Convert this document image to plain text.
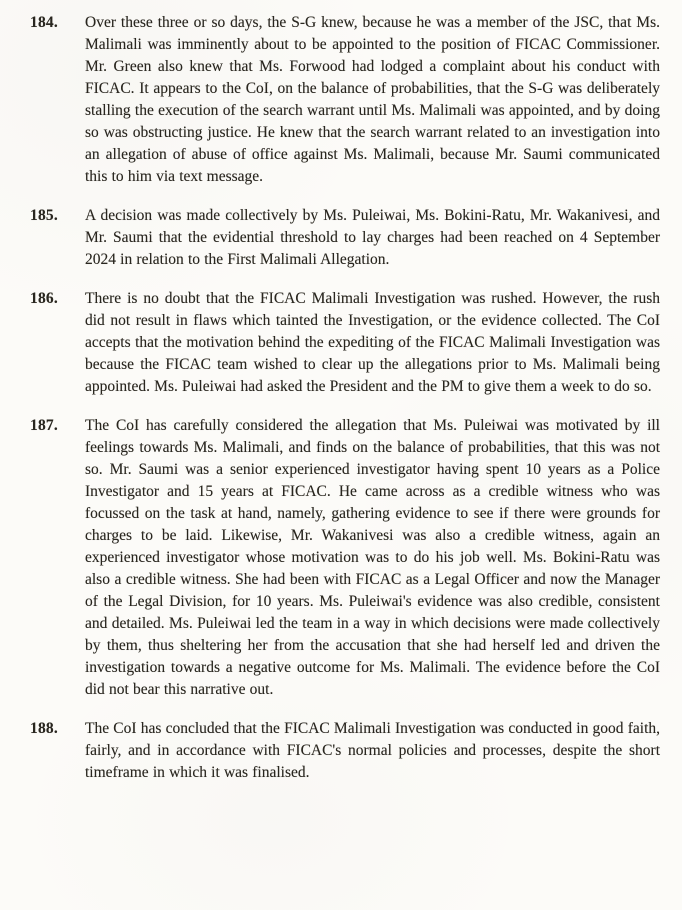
184.	Over these three or so days, the S-G knew, because he was a member of the JSC, that Ms. Malimali was imminently about to be appointed to the position of FICAC Commissioner. Mr. Green also knew that Ms. Forwood had lodged a complaint about his conduct with FICAC. It appears to the CoI, on the balance of probabilities, that the S-G was deliberately stalling the execution of the search warrant until Ms. Malimali was appointed, and by doing so was obstructing justice. He knew that the search warrant related to an investigation into an allegation of abuse of office against Ms. Malimali, because Mr. Saumi communicated this to him via text message.

185.	A decision was made collectively by Ms. Puleiwai, Ms. Bokini-Ratu, Mr. Wakanivesi, and Mr. Saumi that the evidential threshold to lay charges had been reached on 4 September 2024 in relation to the First Malimali Allegation.

186.	There is no doubt that the FICAC Malimali Investigation was rushed. However, the rush did not result in flaws which tainted the Investigation, or the evidence collected. The CoI accepts that the motivation behind the expediting of the FICAC Malimali Investigation was because the FICAC team wished to clear up the allegations prior to Ms. Malimali being appointed. Ms. Puleiwai had asked the President and the PM to give them a week to do so.

187.	The CoI has carefully considered the allegation that Ms. Puleiwai was motivated by ill feelings towards Ms. Malimali, and finds on the balance of probabilities, that this was not so. Mr. Saumi was a senior experienced investigator having spent 10 years as a Police Investigator and 15 years at FICAC. He came across as a credible witness who was focussed on the task at hand, namely, gathering evidence to see if there were grounds for charges to be laid. Likewise, Mr. Wakanivesi was also a credible witness, again an experienced investigator whose motivation was to do his job well. Ms. Bokini-Ratu was also a credible witness. She had been with FICAC as a Legal Officer and now the Manager of the Legal Division, for 10 years. Ms. Puleiwai's evidence was also credible, consistent and detailed. Ms. Puleiwai led the team in a way in which decisions were made collectively by them, thus sheltering her from the accusation that she had herself led and driven the investigation towards a negative outcome for Ms. Malimali. The evidence before the CoI did not bear this narrative out.

188.	The CoI has concluded that the FICAC Malimali Investigation was conducted in good faith, fairly, and in accordance with FICAC's normal policies and processes, despite the short timeframe in which it was finalised.
